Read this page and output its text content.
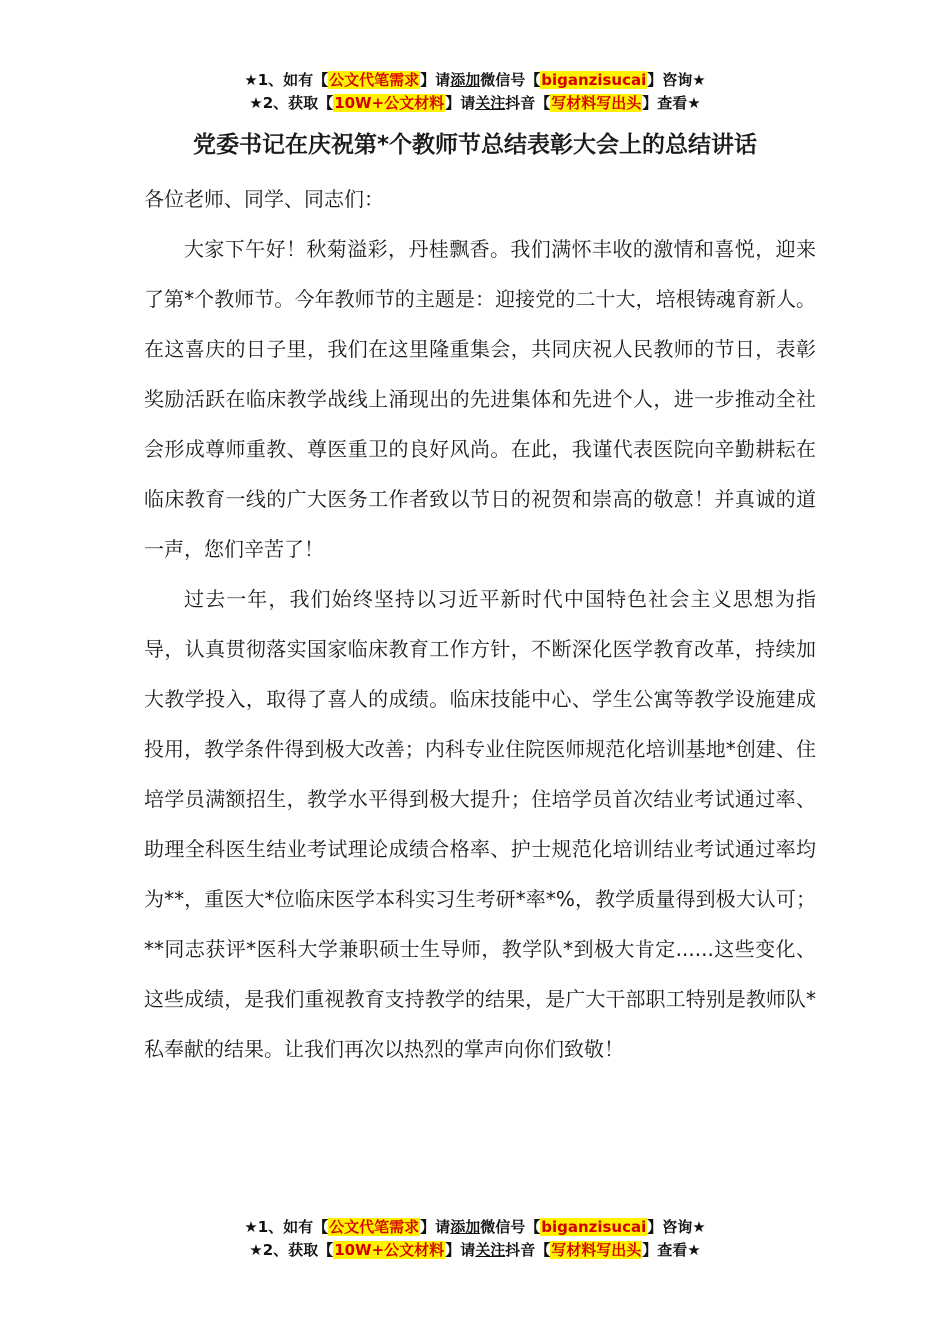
★1、如有【公文代笔需求】请添加微信号【biganzisucai】咨询★
★2、获取【10W+公文材料】请关注抖音【写材料写出头】查看★
党委书记在庆祝第*个教师节总结表彰大会上的总结讲话

各位老师、同学、同志们：

大家下午好！秋菊溢彩，丹桂飘香。我们满怀丰收的激情和喜悦，迎来了第*个教师节。今年教师节的主题是：迎接党的二十大，培根铸魂育新人。在这喜庆的日子里，我们在这里隆重集会，共同庆祝人民教师的节日，表彰奖励活跃在临床教学战线上涌现出的先进集体和先进个人，进一步推动全社会形成尊师重教、尊医重卫的良好风尚。在此，我谨代表医院向辛勤耕耘在临床教育一线的广大医务工作者致以节日的祝贺和崇高的敬意！并真诚的道一声，您们辛苦了！

过去一年，我们始终坚持以习近平新时代中国特色社会主义思想为指导，认真贯彻落实国家临床教育工作方针，不断深化医学教育改革，持续加大教学投入，取得了喜人的成绩。临床技能中心、学生公寓等教学设施建成投用，教学条件得到极大改善；内科专业住院医师规范化培训基地*创建、住培学员满额招生，教学水平得到极大提升；住培学员首次结业考试通过率、助理全科医生结业考试理论成绩合格率、护士规范化培训结业考试通过率均为**，重医大*位临床医学本科实习生考研*率*%，教学质量得到极大认可；**同志获评*医科大学兼职硕士生导师，教学队*到极大肯定......这些变化、这些成绩，是我们重视教育支持教学的结果，是广大干部职工特别是教师队*私奉献的结果。让我们再次以热烈的掌声向你们致敬！

★1、如有【公文代笔需求】请添加微信号【biganzisucai】咨询★
★2、获取【10W+公文材料】请关注抖音【写材料写出头】查看★
